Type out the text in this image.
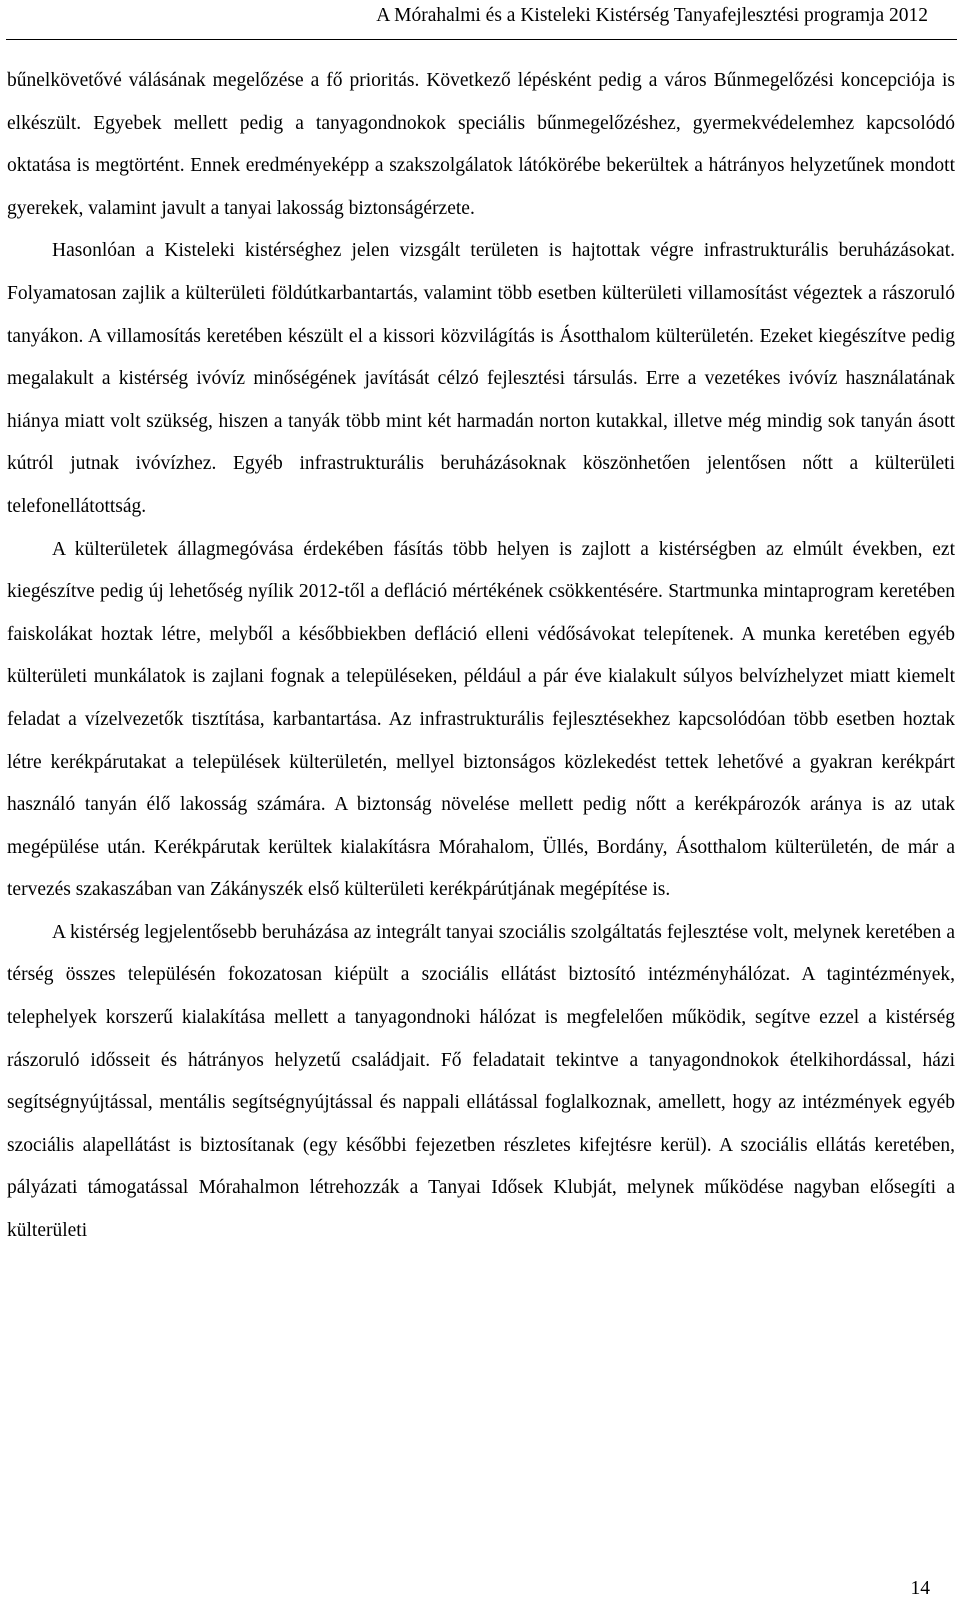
A Mórahalmi és a Kisteleki Kistérség Tanyafejlesztési programja 2012

bűnelkövetővé válásának megelőzése a fő prioritás. Következő lépésként pedig a város Bűnmegelőzési koncepciója is elkészült. Egyebek mellett pedig a tanyagondnokok speciális bűnmegelőzéshez, gyermekvédelemhez kapcsolódó oktatása is megtörtént. Ennek eredményeképp a szakszolgálatok látókörébe bekerültek a hátrányos helyzetűnek mondott gyerekek, valamint javult a tanyai lakosság biztonságérzete.

Hasonlóan a Kisteleki kistérséghez jelen vizsgált területen is hajtottak végre infrastrukturális beruházásokat. Folyamatosan zajlik a külterületi földútkarbantartás, valamint több esetben külterületi villamosítást végeztek a rászoruló tanyákon. A villamosítás keretében készült el a kissori közvilágítás is Ásotthalom külterületén. Ezeket kiegészítve pedig megalakult a kistérség ivóvíz minőségének javítását célzó fejlesztési társulás. Erre a vezetékes ivóvíz használatának hiánya miatt volt szükség, hiszen a tanyák több mint két harmadán norton kutakkal, illetve még mindig sok tanyán ásott kútról jutnak ivóvízhez. Egyéb infrastrukturális beruházásoknak köszönhetően jelentősen nőtt a külterületi telefonellátottság.

A külterületek állagmegóvása érdekében fásítás több helyen is zajlott a kistérségben az elmúlt években, ezt kiegészítve pedig új lehetőség nyílik 2012-től a defláció mértékének csökkentésére. Startmunka mintaprogram keretében faiskolákat hoztak létre, melyből a későbbiekben defláció elleni védősávokat telepítenek. A munka keretében egyéb külterületi munkálatok is zajlani fognak a településeken, például a pár éve kialakult súlyos belvízhelyzet miatt kiemelt feladat a vízelvezetők tisztítása, karbantartása. Az infrastrukturális fejlesztésekhez kapcsolódóan több esetben hoztak létre kerékpárutakat a települések külterületén, mellyel biztonságos közlekedést tettek lehetővé a gyakran kerékpárt használó tanyán élő lakosság számára. A biztonság növelése mellett pedig nőtt a kerékpározók aránya is az utak megépülése után. Kerékpárutak kerültek kialakításra Mórahalom, Üllés, Bordány, Ásotthalom külterületén, de már a tervezés szakaszában van Zákányszék első külterületi kerékpárútjának megépítése is.

A kistérség legjelentősebb beruházása az integrált tanyai szociális szolgáltatás fejlesztése volt, melynek keretében a térség összes településén fokozatosan kiépült a szociális ellátást biztosító intézményhálózat. A tagintézmények, telephelyek korszerű kialakítása mellett a tanyagondnoki hálózat is megfelelően működik, segítve ezzel a kistérség rászoruló idősseit és hátrányos helyzetű családjait. Fő feladatait tekintve a tanyagondnokok ételkihordással, házi segítségnyújtással, mentális segítségnyújtással és nappali ellátással foglalkoznak, amellett, hogy az intézmények egyéb szociális alapellátást is biztosítanak (egy későbbi fejezetben részletes kifejtésre kerül). A szociális ellátás keretében, pályázati támogatással Mórahalmon létrehozzák a Tanyai Idősek Klubját, melynek működése nagyban elősegíti a külterületi

14
